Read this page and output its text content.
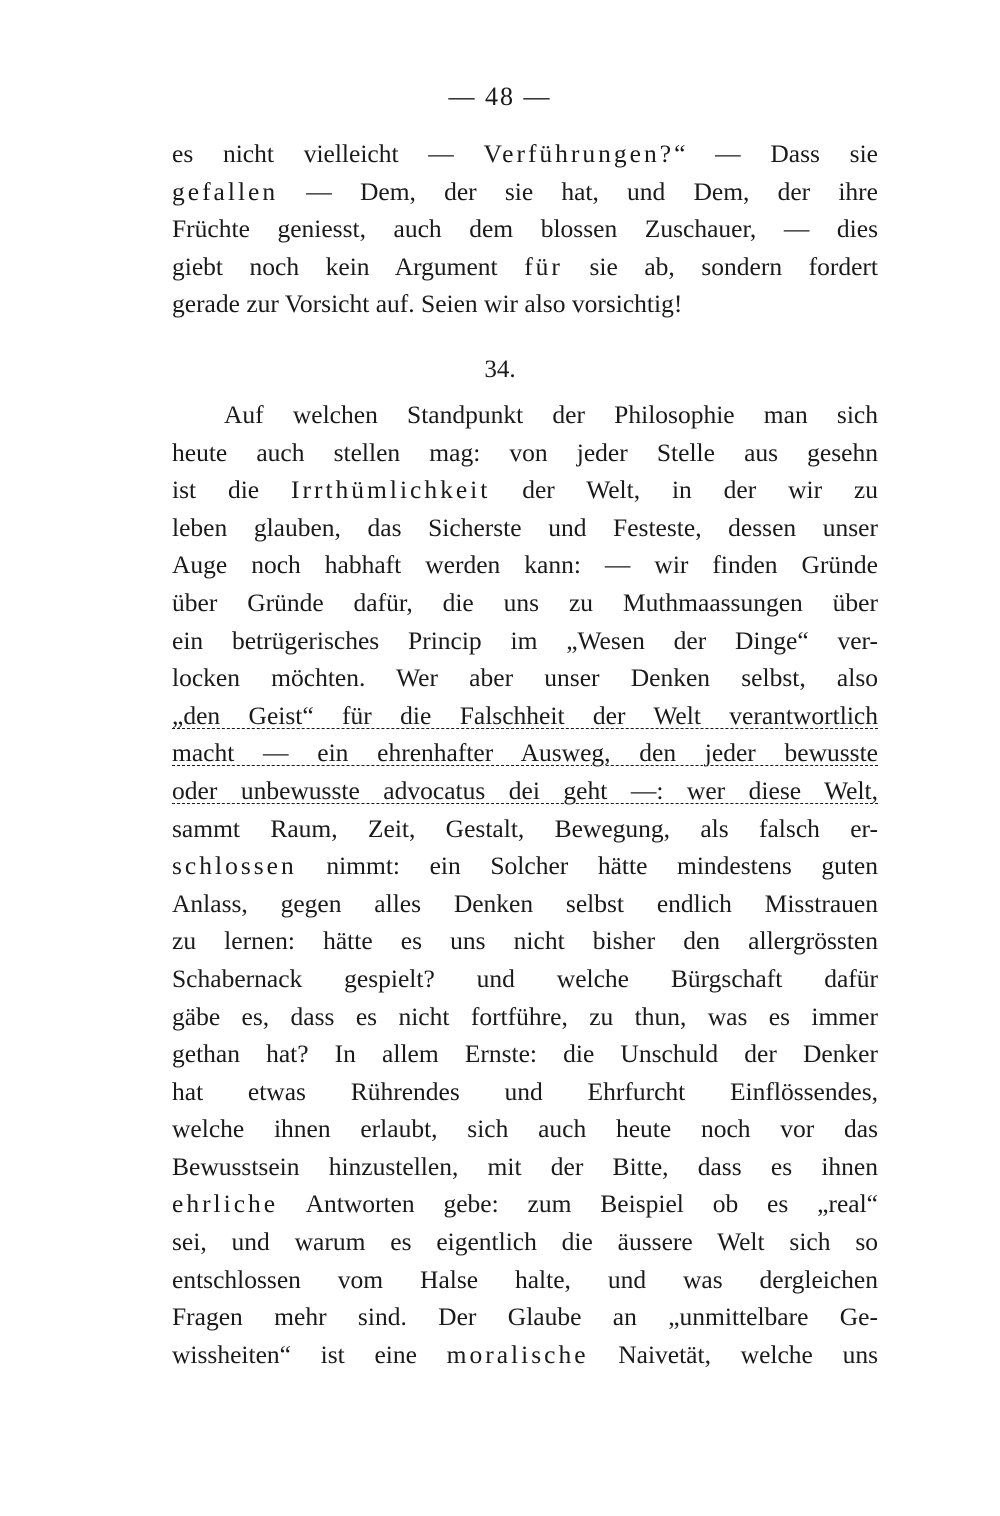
— 48 —
es nicht vielleicht — Verführungen?“ — Dass sie
gefallen — Dem, der sie hat, und Dem, der ihre
Früchte geniesst, auch dem blossen Zuschauer, — dies
giebt noch kein Argument für sie ab, sondern fordert
gerade zur Vorsicht auf. Seien wir also vorsichtig!
34.
Auf welchen Standpunkt der Philosophie man sich
heute auch stellen mag: von jeder Stelle aus gesehn
ist die Irrthümlichkeit der Welt, in der wir zu
leben glauben, das Sicherste und Festeste, dessen unser
Auge noch habhaft werden kann: — wir finden Gründe
über Gründe dafür, die uns zu Muthmaassungen über
ein betrügerisches Princip im „Wesen der Dinge“ ver-
locken möchten. Wer aber unser Denken selbst, also
„den Geist“ für die Falschheit der Welt verantwortlich
macht — ein ehrenhafter Ausweg, den jeder bewusste
oder unbewusste advocatus dei geht —: wer diese Welt,
sammt Raum, Zeit, Gestalt, Bewegung, als falsch er-
schlossen nimmt: ein Solcher hätte mindestens guten
Anlass, gegen alles Denken selbst endlich Misstrauen
zu lernen: hätte es uns nicht bisher den allergrössten
Schabernack gespielt? und welche Bürgschaft dafür
gäbe es, dass es nicht fortführe, zu thun, was es immer
gethan hat? In allem Ernste: die Unschuld der Denker
hat etwas Rührendes und Ehrfurcht Einflössendes,
welche ihnen erlaubt, sich auch heute noch vor das
Bewusstsein hinzustellen, mit der Bitte, dass es ihnen
ehrliche Antworten gebe: zum Beispiel ob es „real“
sei, und warum es eigentlich die äussere Welt sich so
entschlossen vom Halse halte, und was dergleichen
Fragen mehr sind. Der Glaube an „unmittelbare Ge-
wissheiten“ ist eine moralische Naivetät, welche uns
